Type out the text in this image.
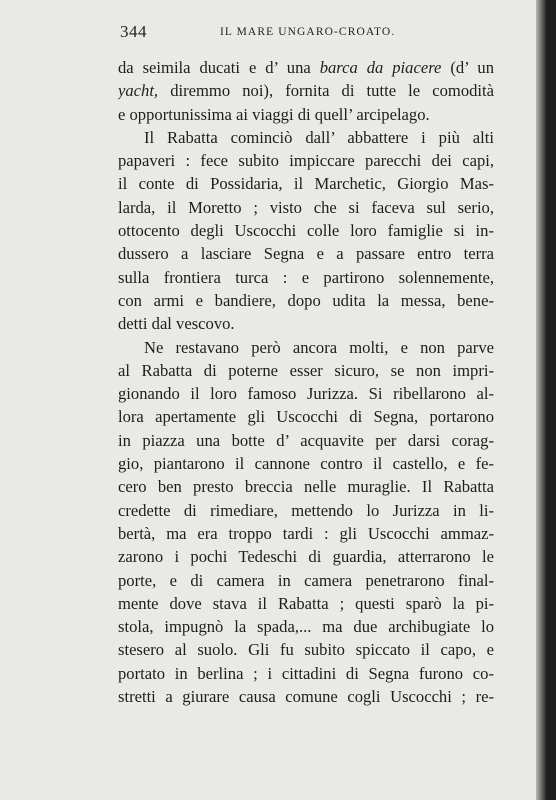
344	IL MARE UNGARO-CROATO.
da seimila ducati e d’ una barca da piacere (d’ un
yacht, diremmo noi), fornita di tutte le comodità
e opportunissima ai viaggi di quell’ arcipelago.
Il Rabatta cominciò dall’ abbattere i più alti
papaveri : fece subito impiccare parecchi dei capi,
il conte di Possidaria, il Marchetic, Giorgio Mas-
larda, il Moretto ; visto che si faceva sul serio,
ottocento degli Uscocchi colle loro famiglie si in-
dussero a lasciare Segna e a passare entro terra
sulla frontiera turca : e partirono solennemente,
con armi e bandiere, dopo udita la messa, bene-
detti dal vescovo.
Ne restavano però ancora molti, e non parve
al Rabatta di poterne esser sicuro, se non impri-
gionando il loro famoso Jurizza. Si ribellarono al-
lora apertamente gli Uscocchi di Segna, portarono
in piazza una botte d’ acquavite per darsi corag-
gio, piantarono il cannone contro il castello, e fe-
cero ben presto breccia nelle muraglie. Il Rabatta
credette di rimediare, mettendo lo Jurizza in li-
bertà, ma era troppo tardi : gli Uscocchi ammaz-
zarono i pochi Tedeschi di guardia, atterrarono le
porte, e di camera in camera penetrarono final-
mente dove stava il Rabatta ; questi sparò la pi-
stola, impugnò la spada,... ma due archibugiate lo
stesero al suolo. Gli fu subito spiccato il capo, e
portato in berlina ; i cittadini di Segna furono co-
stretti a giurare causa comune cogli Uscocchi ; re-
